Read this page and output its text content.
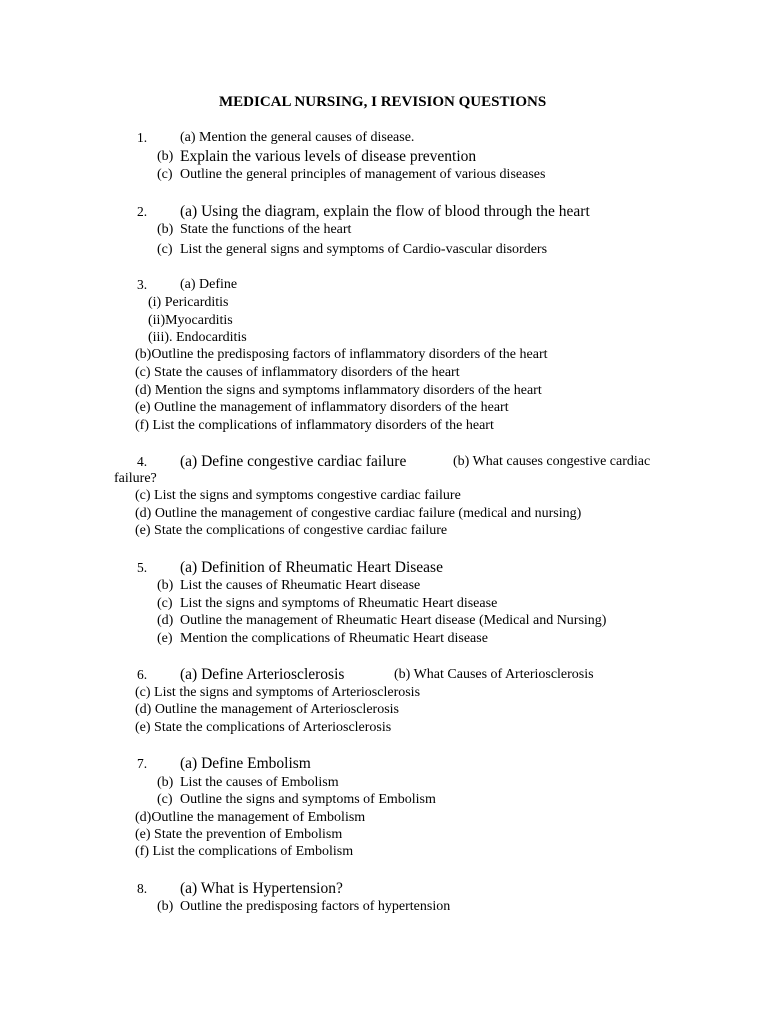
MEDICAL NURSING, I REVISION QUESTIONS
1. (a) Mention the general causes of disease.
(b) Explain the various levels of disease prevention
(c) Outline the general principles of management of various diseases
2. (a) Using the diagram, explain the flow of blood through the heart
(b) State the functions of the heart
(c) List the general signs and symptoms of Cardio-vascular disorders
3. (a) Define
(i) Pericarditis
(ii)Myocarditis
(iii). Endocarditis
(b)Outline the predisposing factors of inflammatory disorders of the heart
(c) State the causes of inflammatory disorders of the heart
(d) Mention the signs and symptoms inflammatory disorders of the heart
(e) Outline the management of inflammatory disorders of the heart
(f) List the complications of inflammatory disorders of the heart
4. (a) Define congestive cardiac failure	(b) What causes congestive cardiac
failure?
(c) List the signs and symptoms congestive cardiac failure
(d) Outline the management of congestive cardiac failure (medical and nursing)
(e) State the complications of congestive cardiac failure
5. (a) Definition of Rheumatic Heart Disease
(b) List the causes of Rheumatic Heart disease
(c) List the signs and symptoms of Rheumatic Heart disease
(d) Outline the management of Rheumatic Heart disease (Medical and Nursing)
(e) Mention the complications of Rheumatic Heart disease
6. (a) Define Arteriosclerosis	(b) What Causes of Arteriosclerosis
(c) List the signs and symptoms of Arteriosclerosis
(d) Outline the management of Arteriosclerosis
(e) State the complications of Arteriosclerosis
7. (a) Define Embolism
(b) List the causes of Embolism
(c) Outline the signs and symptoms of Embolism
(d)Outline the management of Embolism
(e) State the prevention of Embolism
(f) List the complications of Embolism
8. (a) What is Hypertension?
(b) Outline the predisposing factors of hypertension
